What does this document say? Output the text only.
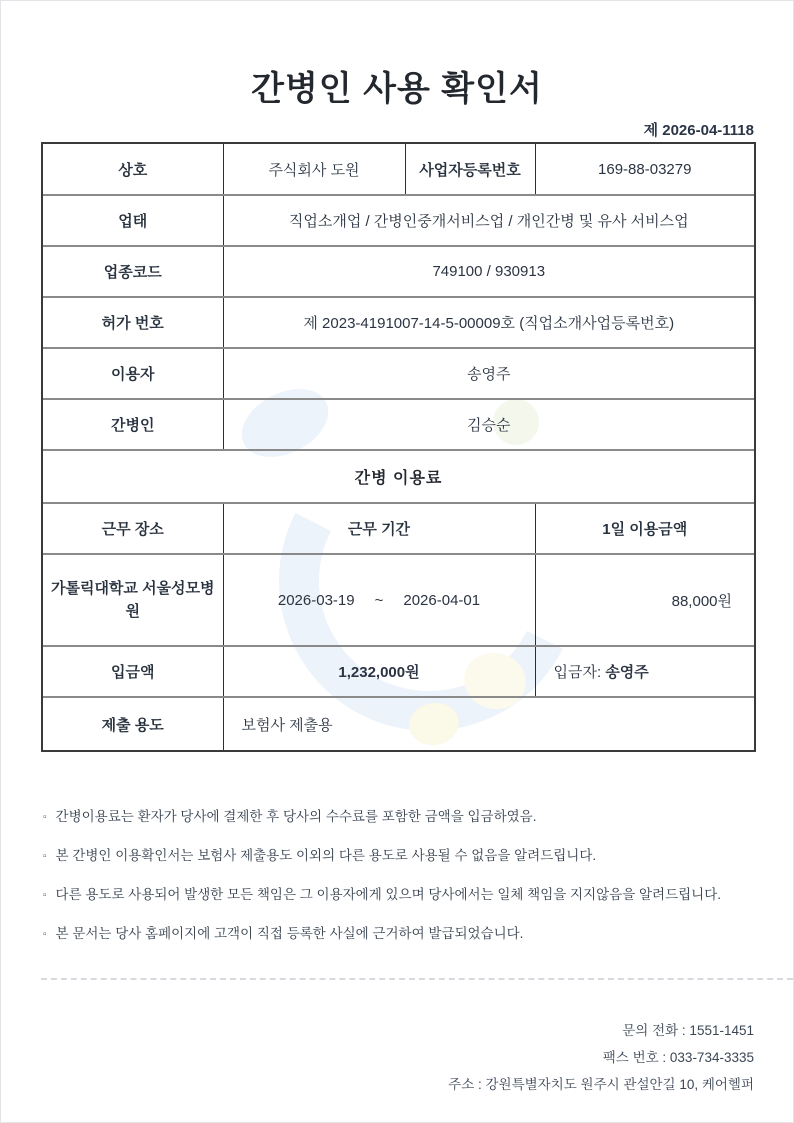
간병인 사용 확인서
제 2026-04-1118
상호	주식회사 도원	사업자등록번호	169-88-03279
업태	직업소개업 / 간병인중개서비스업 / 개인간병 및 유사 서비스업		
업종코드	749100 / 930913		
허가 번호	제 2023-4191007-14-5-00009호 (직업소개사업등록번호)		
이용자	송영주		
간병인	김승순		
간병 이용료			
근무 장소	근무 기간		1일 이용금액
가톨릭대학교 서울성모병원	2026-03-19 ~ 2026-04-01		88,000원
입금액	1,232,000원		입금자: 송영주
제출 용도	보험사 제출용		
▫ 간병이용료는 환자가 당사에 결제한 후 당사의 수수료를 포함한 금액을 입금하였음.
▫ 본 간병인 이용확인서는 보험사 제출용도 이외의 다른 용도로 사용될 수 없음을 알려드립니다.
▫ 다른 용도로 사용되어 발생한 모든 책임은 그 이용자에게 있으며 당사에서는 일체 책임을 지지않음을 알려드립니다.
▫ 본 문서는 당사 홈페이지에 고객이 직접 등록한 사실에 근거하여 발급되었습니다.
문의 전화 : 1551-1451
팩스 번호 : 033-734-3335
주소 : 강원특별자치도 원주시 관설안길 10, 케어헬퍼
